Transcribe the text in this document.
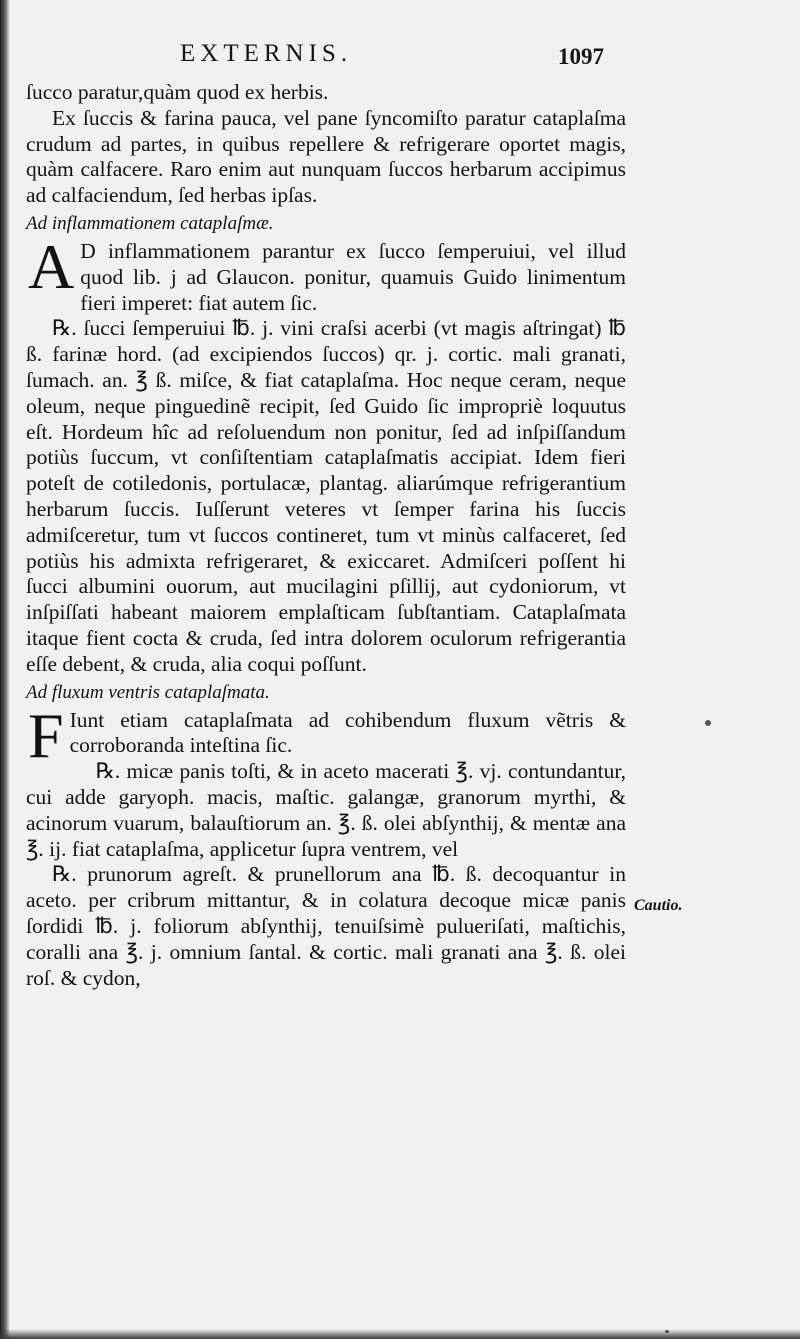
EXTERNIS.	1097

ſucco paratur,quàm quod ex herbis.

Ex ſuccis & farina pauca, vel pane ſyncomiſto paratur cataplaſma crudum ad partes, in quibus repellere & refrigerare oportet magis, quàm calfacere. Raro enim aut nunquam ſuccos herbarum accipimus ad calfaciendum, ſed herbas ipſas.

Ad inflammationem cataplaſmæ.

A D inflammationem parantur ex ſucco ſemperuiui, vel illud quod lib. j ad Glaucon. ponitur, quamuis Guido linimentum fieri imperet: fiat autem ſic.

℞. ſucci ſemperuiui ℔. j. vini craſsi acerbi (vt magis aſtringat) ℔ ß. farinæ hord. (ad excipiendos ſuccos) qr. j. cortic. mali granati, ſumach. an. ℥ ß. miſce, & fiat cataplaſma. Hoc neque ceram, neque oleum, neque pinguedinẽ recipit, ſed Guido ſic impropriè loquutus eſt. Hordeum hîc ad reſoluendum non ponitur, ſed ad inſpiſſandum potiùs ſuccum, vt conſiſtentiam cataplaſmatis accipiat. Idem fieri poteſt de cotiledonis, portulacæ, plantag. aliarúmque refrigerantium herbarum ſuccis. Iuſſerunt veteres vt ſemper farina his ſuccis admiſceretur, tum vt ſuccos contineret, tum vt minùs calfaceret, ſed potiùs his admixta refrigeraret, & exiccaret. Admiſceri poſſent hi ſucci albumini ouorum, aut mucilagini pſillij, aut cydoniorum, vt inſpiſſati habeant maiorem emplaſticam ſubſtantiam. Cataplaſmata itaque fient cocta & cruda, ſed intra dolorem oculorum refrigerantia eſſe debent, & cruda, alia coqui poſſunt.

Ad fluxum ventris cataplaſmata.

F Iunt etiam cataplaſmata ad cohibendum fluxum vẽtris & corroboranda inteſtina ſic.

℞. micæ panis toſti, & in aceto macerati ℥. vj. contundantur, cui adde garyoph. macis, maſtic. galangæ, granorum myrthi, & acinorum vuarum, balauſtiorum an. ℥. ß. olei abſynthij, & mentæ ana ℥. ij. fiat cataplaſma, applicetur ſupra ventrem, vel

℞. prunorum agreſt. & prunellorum ana ℔. ß. decoquantur in aceto. per cribrum mittantur, & in colatura decoque micæ panis ſordidi ℔. j. foliorum abſynthij, tenuiſsimè pulueriſati, maſtichis, coralli ana ℥. j. omnium ſantal. & cortic. mali granati ana ℥. ß. olei roſ. & cydon,

Cautio.
